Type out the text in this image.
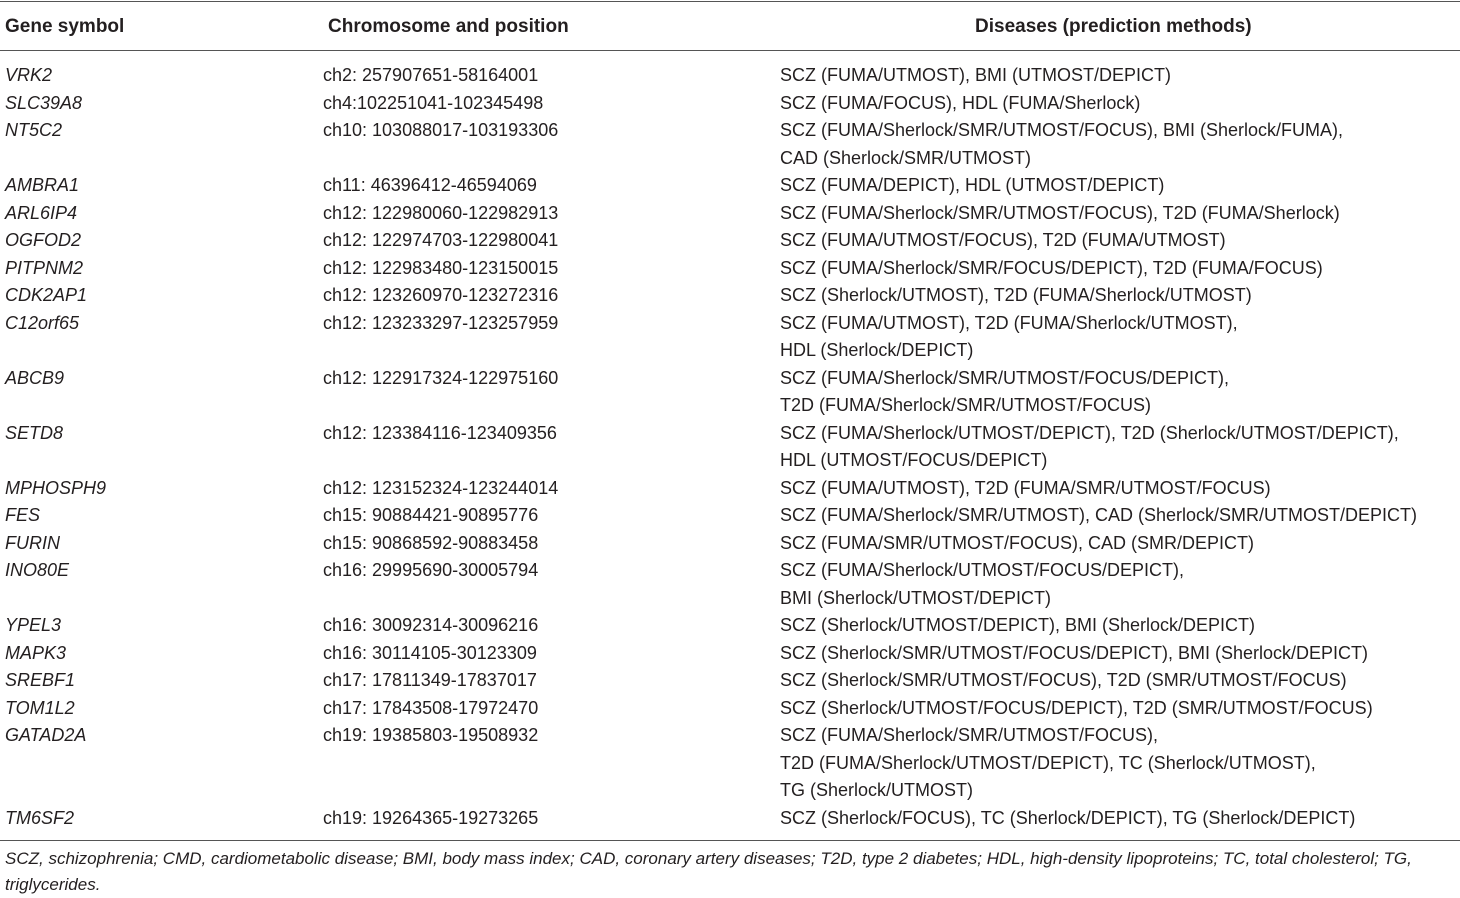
Gene symbol	Chromosome and position	Diseases (prediction methods)
VRK2	ch2: 257907651-58164001	SCZ (FUMA/UTMOST), BMI (UTMOST/DEPICT)
SLC39A8	ch4:102251041-102345498	SCZ (FUMA/FOCUS), HDL (FUMA/Sherlock)
NT5C2	ch10: 103088017-103193306	SCZ (FUMA/Sherlock/SMR/UTMOST/FOCUS), BMI (Sherlock/FUMA),
CAD (Sherlock/SMR/UTMOST)
AMBRA1	ch11: 46396412-46594069	SCZ (FUMA/DEPICT), HDL (UTMOST/DEPICT)
ARL6IP4	ch12: 122980060-122982913	SCZ (FUMA/Sherlock/SMR/UTMOST/FOCUS), T2D (FUMA/Sherlock)
OGFOD2	ch12: 122974703-122980041	SCZ (FUMA/UTMOST/FOCUS), T2D (FUMA/UTMOST)
PITPNM2	ch12: 122983480-123150015	SCZ (FUMA/Sherlock/SMR/FOCUS/DEPICT), T2D (FUMA/FOCUS)
CDK2AP1	ch12: 123260970-123272316	SCZ (Sherlock/UTMOST), T2D (FUMA/Sherlock/UTMOST)
C12orf65	ch12: 123233297-123257959	SCZ (FUMA/UTMOST), T2D (FUMA/Sherlock/UTMOST),
HDL (Sherlock/DEPICT)
ABCB9	ch12: 122917324-122975160	SCZ (FUMA/Sherlock/SMR/UTMOST/FOCUS/DEPICT),
T2D (FUMA/Sherlock/SMR/UTMOST/FOCUS)
SETD8	ch12: 123384116-123409356	SCZ (FUMA/Sherlock/UTMOST/DEPICT), T2D (Sherlock/UTMOST/DEPICT),
HDL (UTMOST/FOCUS/DEPICT)
MPHOSPH9	ch12: 123152324-123244014	SCZ (FUMA/UTMOST), T2D (FUMA/SMR/UTMOST/FOCUS)
FES	ch15: 90884421-90895776	SCZ (FUMA/Sherlock/SMR/UTMOST), CAD (Sherlock/SMR/UTMOST/DEPICT)
FURIN	ch15: 90868592-90883458	SCZ (FUMA/SMR/UTMOST/FOCUS), CAD (SMR/DEPICT)
INO80E	ch16: 29995690-30005794	SCZ (FUMA/Sherlock/UTMOST/FOCUS/DEPICT),
BMI (Sherlock/UTMOST/DEPICT)
YPEL3	ch16: 30092314-30096216	SCZ (Sherlock/UTMOST/DEPICT), BMI (Sherlock/DEPICT)
MAPK3	ch16: 30114105-30123309	SCZ (Sherlock/SMR/UTMOST/FOCUS/DEPICT), BMI (Sherlock/DEPICT)
SREBF1	ch17: 17811349-17837017	SCZ (Sherlock/SMR/UTMOST/FOCUS), T2D (SMR/UTMOST/FOCUS)
TOM1L2	ch17: 17843508-17972470	SCZ (Sherlock/UTMOST/FOCUS/DEPICT), T2D (SMR/UTMOST/FOCUS)
GATAD2A	ch19: 19385803-19508932	SCZ (FUMA/Sherlock/SMR/UTMOST/FOCUS),
T2D (FUMA/Sherlock/UTMOST/DEPICT), TC (Sherlock/UTMOST),
TG (Sherlock/UTMOST)
TM6SF2	ch19: 19264365-19273265	SCZ (Sherlock/FOCUS), TC (Sherlock/DEPICT), TG (Sherlock/DEPICT)
SCZ, schizophrenia; CMD, cardiometabolic disease; BMI, body mass index; CAD, coronary artery diseases; T2D, type 2 diabetes; HDL, high-density lipoproteins; TC, total cholesterol; TG, triglycerides.
